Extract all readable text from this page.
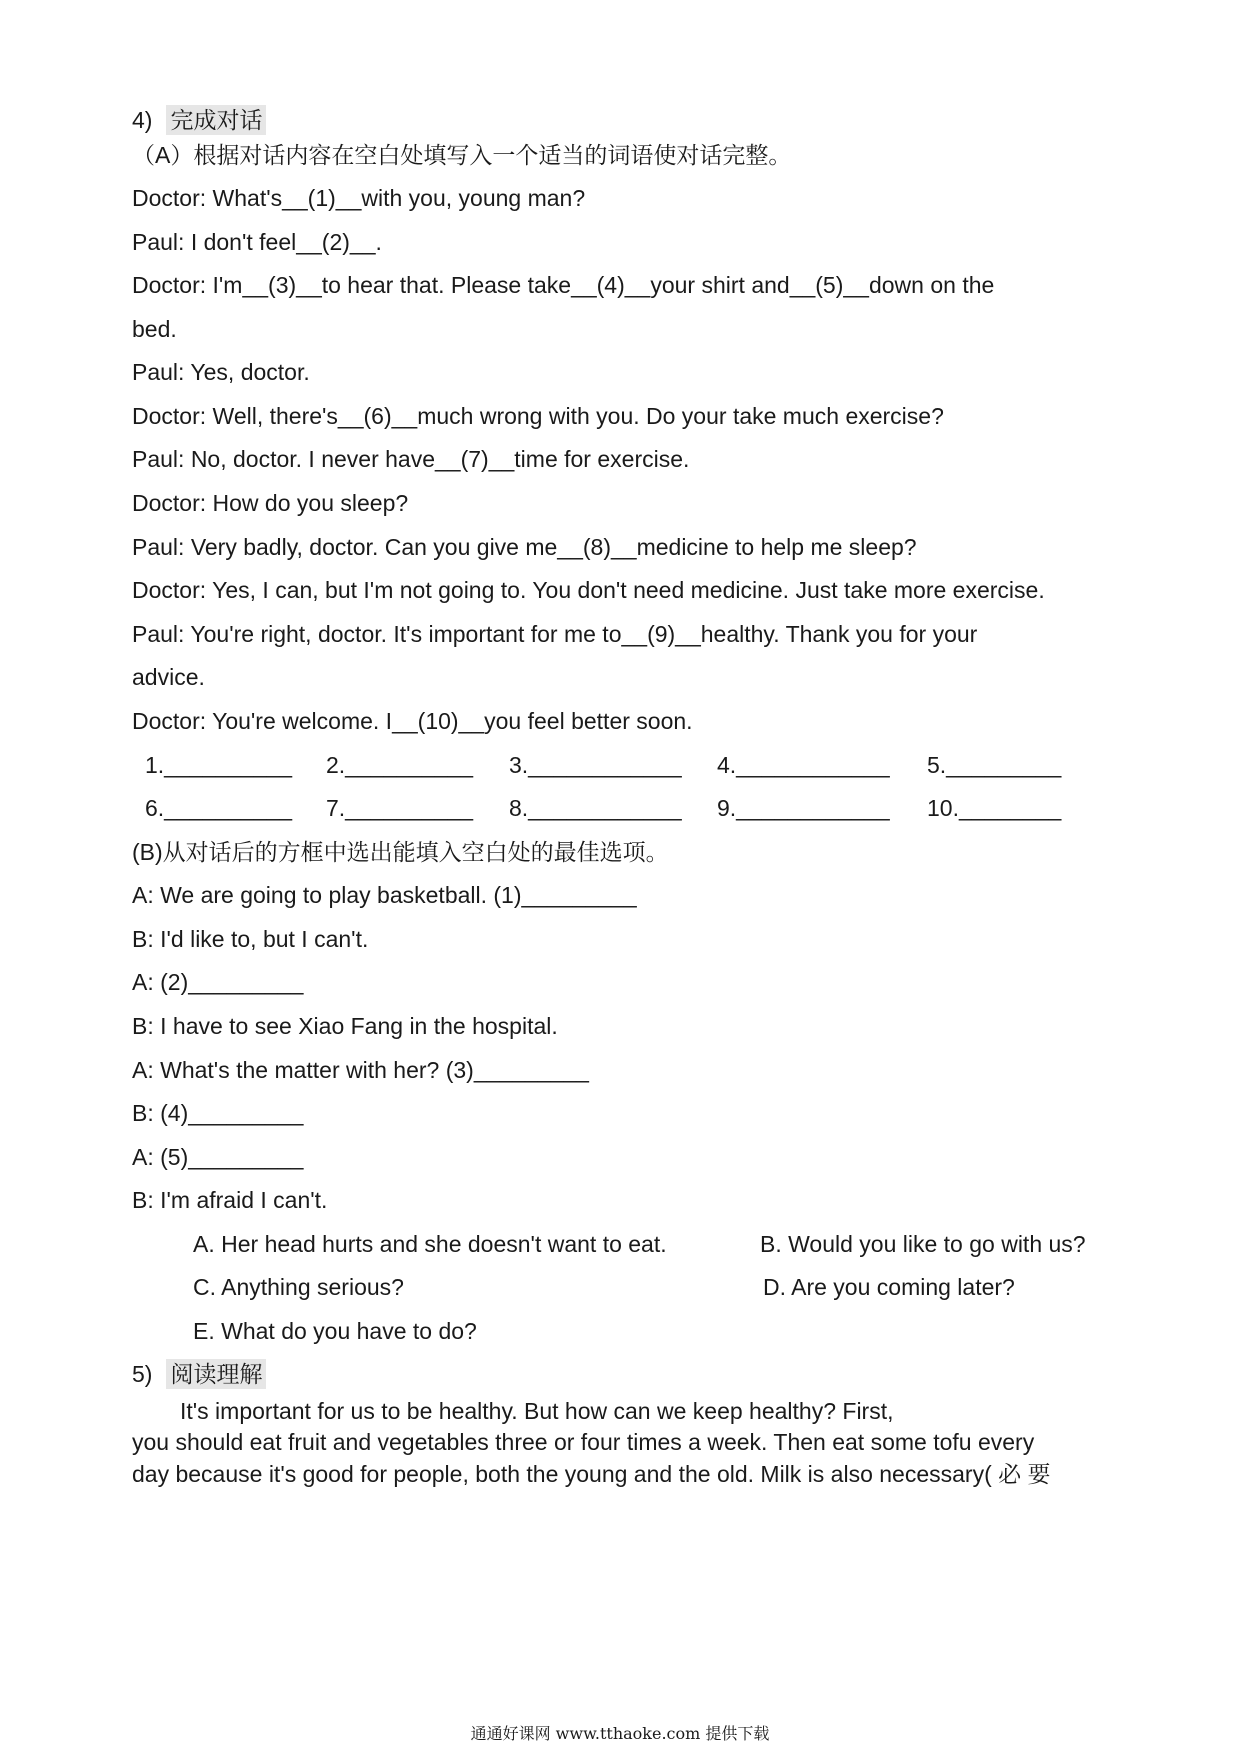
4) 完成对话
（A）根据对话内容在空白处填写入一个适当的词语使对话完整。
Doctor: What's__(1)__with you, young man?
Paul: I don't feel__(2)__.
Doctor: I'm__(3)__to hear that. Please take__(4)__your shirt and__(5)__down on the
bed.
Paul: Yes, doctor.
Doctor: Well, there's__(6)__much wrong with you. Do your take much exercise?
Paul: No, doctor. I never have__(7)__time for exercise.
Doctor: How do you sleep?
Paul: Very badly, doctor. Can you give me__(8)__medicine to help me sleep?
Doctor: Yes, I can, but I'm not going to. You don't need medicine. Just take more exercise.
Paul: You're right, doctor. It's important for me to__(9)__healthy. Thank you for your
advice.
Doctor: You're welcome. I__(10)__you feel better soon.
1.__________ 2.__________ 3.____________ 4.____________ 5._________
6.__________ 7.__________ 8.____________ 9.____________ 10.________
(B)从对话后的方框中选出能填入空白处的最佳选项。
A: We are going to play basketball. (1)_________
B: I'd like to, but I can't.
A: (2)_________
B: I have to see Xiao Fang in the hospital.
A: What's the matter with her? (3)_________
B: (4)_________
A: (5)_________
B: I'm afraid I can't.
A. Her head hurts and she doesn't want to eat.	B. Would you like to go with us?
C. Anything serious?	D. Are you coming later?
E. What do you have to do?
5) 阅读理解
It's important for us to be healthy. But how can we keep healthy? First,
you should eat fruit and vegetables three or four times a week. Then eat some tofu every
day because it's good for people, both the young and the old. Milk is also necessary( 必 要
通通好课网 www.tthaoke.com 提供下载
